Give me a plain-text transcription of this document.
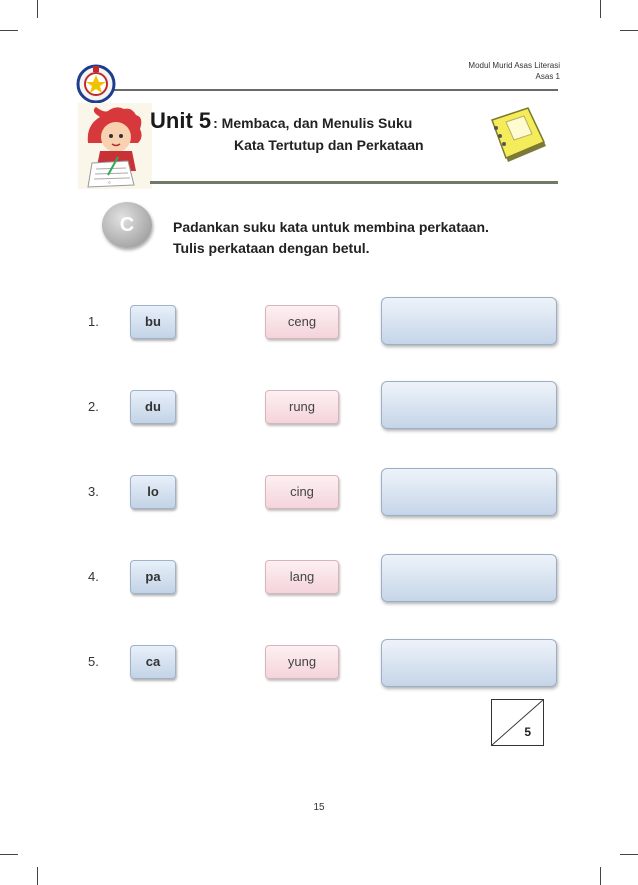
Modul Murid Asas Literasi
Asas 1
©
Unit 5 : Membaca, dan Menulis Suku
Kata Tertutup dan Perkataan
C	Padankan suku kata untuk membina perkataan.
Tulis perkataan dengan betul.
1.	bu	ceng
2.	du	rung
3.	lo	cing
4.	pa	lang
5.	ca	yung
5
15
